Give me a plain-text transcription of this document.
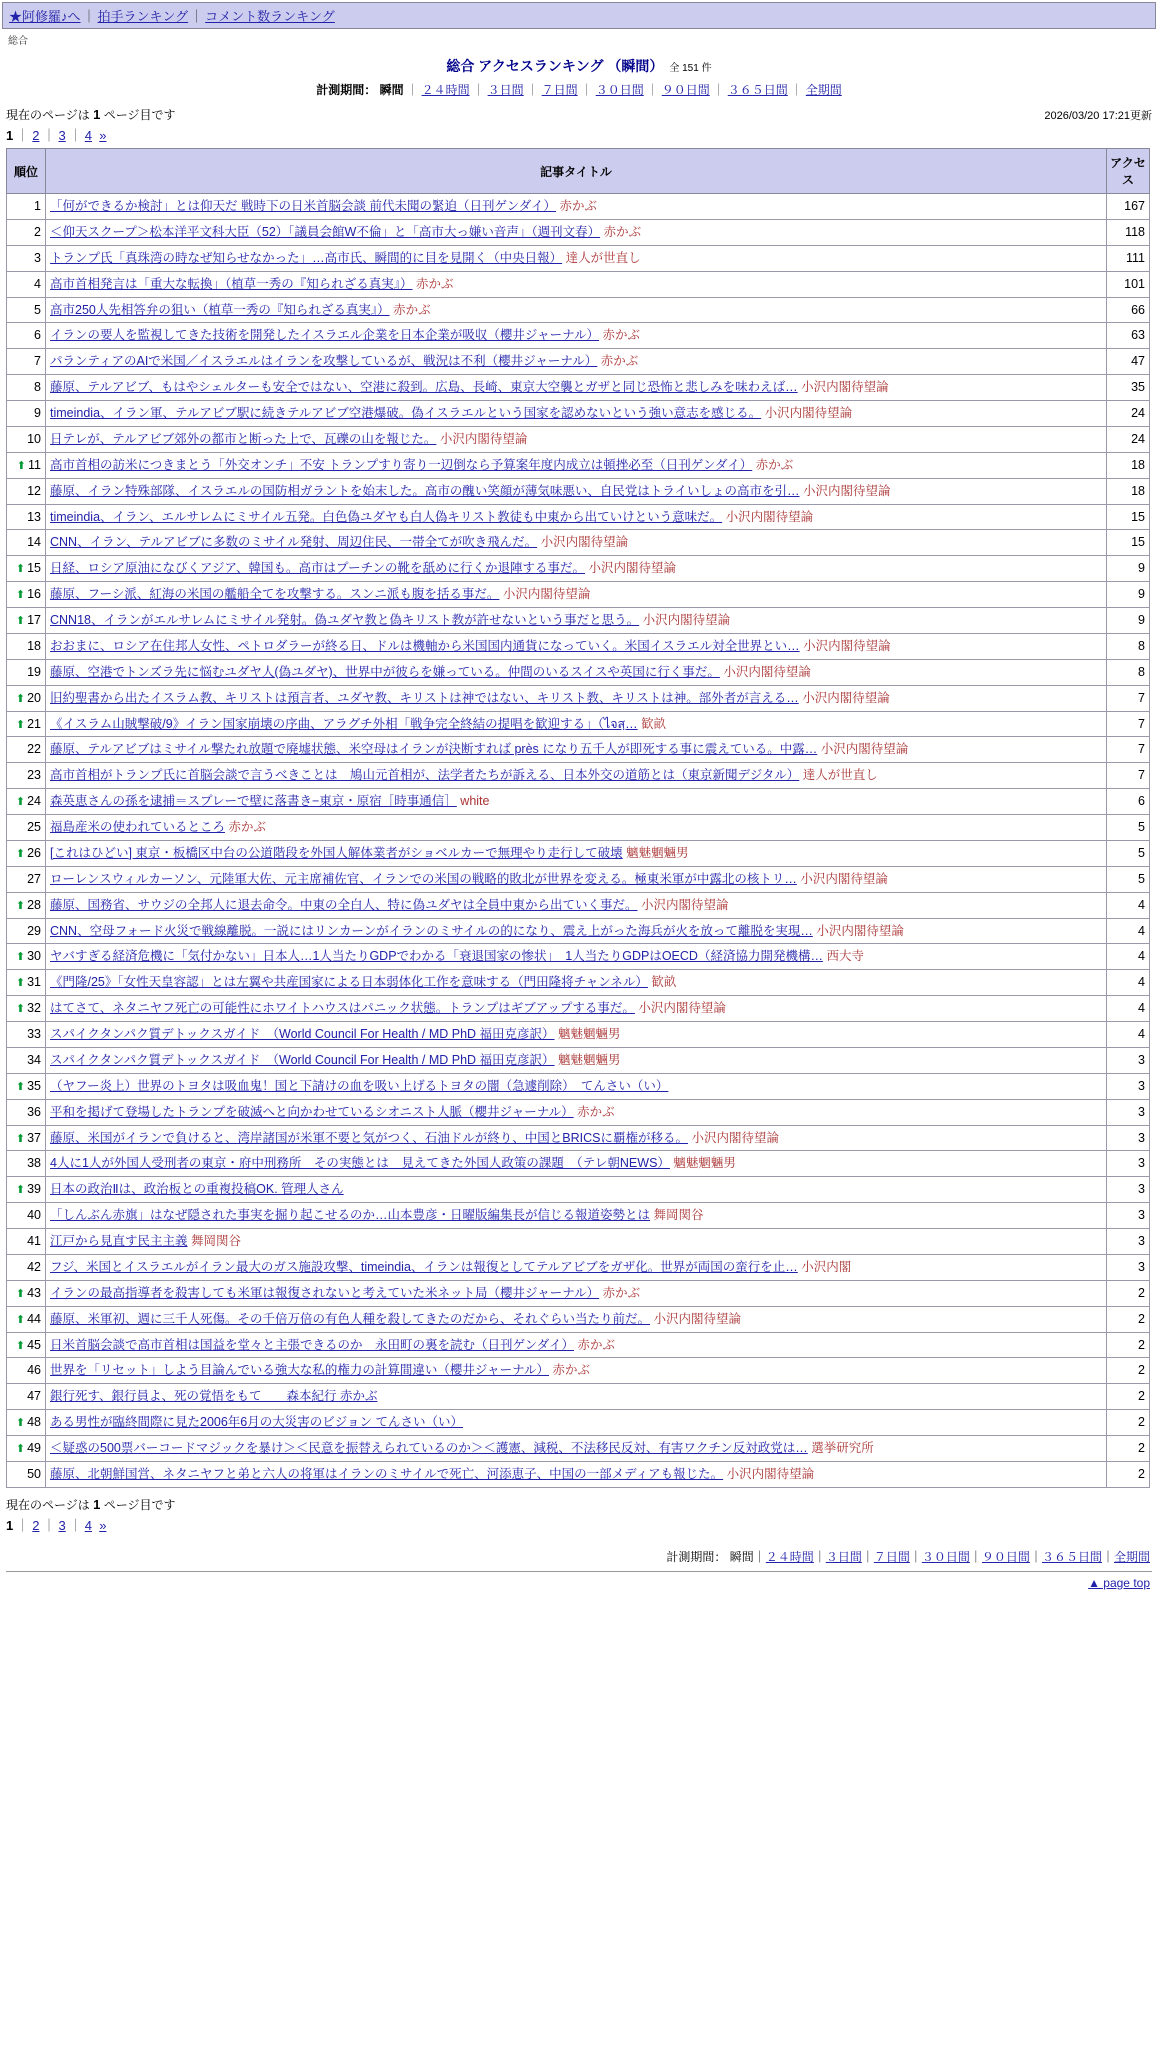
★阿修羅♪へ ｜ 拍手ランキング ｜ コメント数ランキング
総合
総合 アクセスランキング （瞬間） 全 151 件
計測期間： 瞬間 ｜ ２４時間 ｜ ３日間 ｜ ７日間 ｜ ３０日間 ｜ ９０日間 ｜ ３６５日間 ｜ 全期間
現在のページは 1 ページ目です	2026/03/20 17:21更新
1 ｜ 2 ｜ 3 ｜ 4 »
順位	記事タイトル	アクセス
1	「何ができるか検討」とは仰天だ 戦時下の日米首脳会談 前代未聞の緊迫（日刊ゲンダイ） 赤かぶ	167
2	＜仰天スクープ＞松本洋平文科大臣（52）「議員会館W不倫」と「高市大っ嫌い音声」（週刊文春） 赤かぶ	118
3	トランプ氏「真珠湾の時なぜ知らせなかった」…高市氏、瞬間的に目を見開く（中央日報） 達人が世直し	111
4	高市首相発言は「重大な転換」（植草一秀の『知られざる真実』） 赤かぶ	101
5	高市250人先相答弁の狙い（植草一秀の『知られざる真実』） 赤かぶ	66
6	イランの要人を監視してきた技術を開発したイスラエル企業を日本企業が吸収（櫻井ジャーナル） 赤かぶ	63
7	パランティアのAIで米国／イスラエルはイランを攻撃しているが、戦況は不利（櫻井ジャーナル） 赤かぶ	47
8	藤原、テルアビブ、もはやシェルターも安全ではない、空港に殺到。広島、長崎、東京大空襲とガザと同じ恐怖と悲しみを味わえば… 小沢内閣待望論	35
9	timeindia、イラン軍、テルアビブ駅に続きテルアビブ空港爆破。偽イスラエルという国家を認めないという強い意志を感じる。 小沢内閣待望論	24
10	日テレが、テルアビブ郊外の都市と断った上で、瓦礫の山を報じた。 小沢内閣待望論	24
⬆ 11	高市首相の訪米につきまとう「外交オンチ」不安 トランプすり寄り一辺倒なら予算案年度内成立は頓挫必至（日刊ゲンダイ） 赤かぶ	18
12	藤原、イラン特殊部隊、イスラエルの国防相ガラントを始末した。高市の醜い笑顔が薄気味悪い、自民党はトライいしょの高市を引… 小沢内閣待望論	18
13	timeindia、イラン、エルサレムにミサイル五発。白色偽ユダヤも白人偽キリスト教徒も中東から出ていけという意味だ。 小沢内閣待望論	15
14	CNN、イラン、テルアビブに多数のミサイル発射、周辺住民、一帯全てが吹き飛んだ。 小沢内閣待望論	15
⬆ 15	日経、ロシア原油になびくアジア、韓国も。高市はプーチンの靴を舐めに行くか退陣する事だ。 小沢内閣待望論	9
⬆ 16	藤原、フーシ派、紅海の米国の艦船全てを攻撃する。スンニ派も腹を括る事だ。 小沢内閣待望論	9
⬆ 17	CNN18、イランがエルサレムにミサイル発射。偽ユダヤ教と偽キリスト教が許せないという事だと思う。 小沢内閣待望論	9
18	おおまに、ロシア在住邦人女性、ペトロダラーが終る日、ドルは機軸から米国国内通貨になっていく。米国イスラエル対全世界とい… 小沢内閣待望論	8
19	藤原、空港でトンズラ先に悩むユダヤ人(偽ユダヤ)、世界中が彼らを嫌っている。仲間のいるスイスや英国に行く事だ。 小沢内閣待望論	8
⬆ 20	旧約聖書から出たイスラム教、キリストは預言者、ユダヤ教、キリストは神ではない、キリスト教、キリストは神。部外者が言える… 小沢内閣待望論	7
⬆ 21	《イスラム山賊撃破/9》イラン国家崩壊の序曲、アラグチ外相「戦争完全終結の提唱を歓迎する」（ไจสฺ… 歓畝	7
22	藤原、テルアビブはミサイル撃たれ放題で廃墟状態、米空母はイランが決断すれば près になり五千人が即死する事に震えている。中露… 小沢内閣待望論	7
23	高市首相がトランプ氏に首脳会談で言うべきことは　鳩山元首相が、法学者たちが訴える、日本外交の道筋とは（東京新聞デジタル） 達人が世直し	7
⬆ 24	森英恵さんの孫を逮捕＝スプレーで壁に落書き−東京・原宿［時事通信］ white	6
25	福島産米の使われているところ 赤かぶ	5
⬆ 26	[これはひどい] 東京・板橋区中台の公道階段を外国人解体業者がショベルカーで無理やり走行して破壊 魑魅魍魎男	5
27	ローレンスウィルカーソン、元陸軍大佐、元主席補佐官、イランでの米国の戦略的敗北が世界を変える。極東米軍が中露北の核トリ… 小沢内閣待望論	5
⬆ 28	藤原、国務省、サウジの全邦人に退去命令。中東の全白人、特に偽ユダヤは全員中東から出ていく事だ。 小沢内閣待望論	4
29	CNN、空母フォード火災で戦線離脱。一説にはリンカーンがイランのミサイルの的になり、震え上がった海兵が火を放って離脱を実現… 小沢内閣待望論	4
⬆ 30	ヤバすぎる経済危機に「気付かない」日本人…1人当たりGDPでわかる「衰退国家の惨状」　1人当たりGDPはOECD（経済協力開発機構… 西大寺	4
⬆ 31	《門隆/25》「女性天皇容認」とは左翼や共産国家による日本弱体化工作を意味する（門田隆将チャンネル） 歓畝	4
⬆ 32	はてさて、ネタニヤフ死亡の可能性にホワイトハウスはパニック状態。トランプはギブアップする事だ。 小沢内閣待望論	4
33	スパイクタンパク質デトックスガイド　（World Council For Health / MD PhD 福田克彦訳） 魑魅魍魎男	4
34	スパイクタンパク質デトックスガイド　（World Council For Health / MD PhD 福田克彦訳） 魑魅魍魎男	3
⬆ 35	（ヤフー炎上）世界のトヨタは吸血鬼！国と下請けの血を吸い上げるトヨタの闇（急遽削除）　てんさい（い）	3
36	平和を掲げて登場したトランプを破滅へと向かわせているシオニスト人脈（櫻井ジャーナル） 赤かぶ	3
⬆ 37	藤原、米国がイランで負けると、湾岸諸国が米軍不要と気がつく、石油ドルが終り、中国とBRICSに覇権が移る。 小沢内閣待望論	3
38	4人に1人が外国人受刑者の東京・府中刑務所　その実態とは　見えてきた外国人政策の課題　（テレ朝NEWS） 魑魅魍魎男	3
⬆ 39	日本の政治Ⅱは、政治板との重複投稿OK. 管理人さん	3
40	「しんぶん赤旗」はなぜ隠された事実を掘り起こせるのか…山本豊彦・日曜版編集長が信じる報道姿勢とは 舞岡関谷	3
41	江戸から見直す民主主義 舞岡関谷	3
42	フジ、米国とイスラエルがイラン最大のガス施設攻撃、timeindia、イランは報復としてテルアビブをガザ化。世界が両国の蛮行を止… 小沢内閣	3
⬆ 43	イランの最高指導者を殺害しても米軍は報復されないと考えていた米ネット局（櫻井ジャーナル） 赤かぶ	2
⬆ 44	藤原、米軍初、週に三千人死傷。その千倍万倍の有色人種を殺してきたのだから、それぐらい当たり前だ。 小沢内閣待望論	2
⬆ 45	日米首脳会談で高市首相は国益を堂々と主張できるのか　永田町の裏を読む（日刊ゲンダイ） 赤かぶ	2
46	世界を「リセット」しよう目論んでいる強大な私的権力の計算間違い（櫻井ジャーナル） 赤かぶ	2
47	銀行死す、銀行員よ、死の覚悟をもて　　森本紀行 赤かぶ	2
⬆ 48	ある男性が臨終間際に見た2006年6月の大災害のビジョン てんさい（い）	2
⬆ 49	＜疑惑の500票バーコードマジックを暴け＞＜民意を振替えられているのか＞＜護憲、減税、不法移民反対、有害ワクチン反対政党は… 選挙研究所	2
50	藤原、北朝鮮国営、ネタニヤフと弟と六人の将軍はイランのミサイルで死亡、河添恵子、中国の一部メディアも報じた。 小沢内閣待望論	2
現在のページは 1 ページ目です
1 ｜ 2 ｜ 3 ｜ 4 »
計測期間： 瞬間｜２４時間｜３日間｜７日間｜３０日間｜９０日間｜３６５日間｜全期間
▲ page top
